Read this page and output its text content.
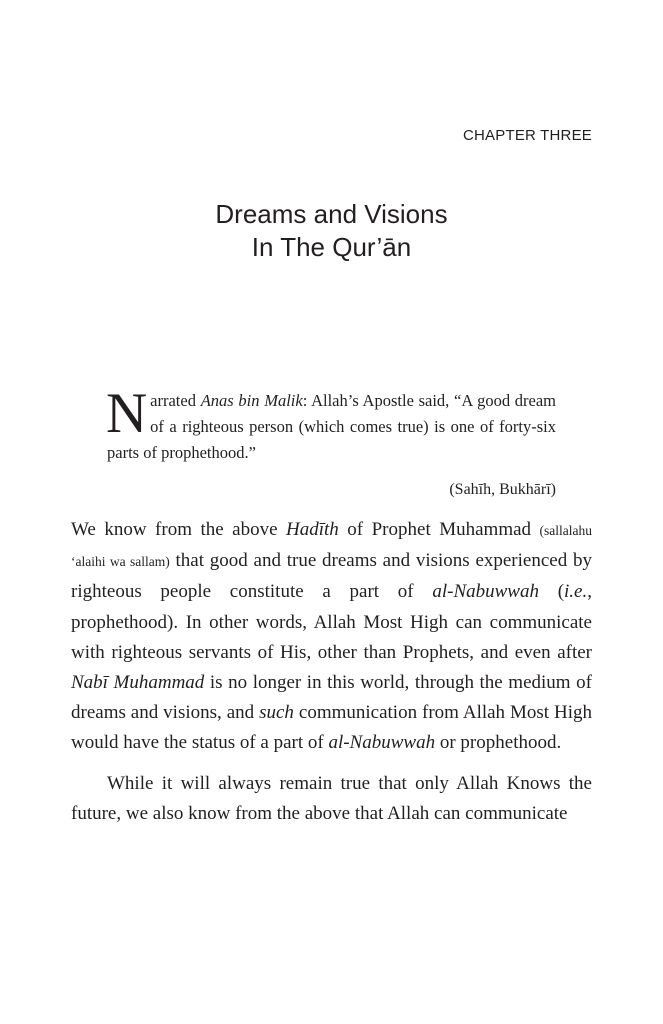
CHAPTER THREE
Dreams and Visions
In The Qur’ān
Narrated Anas bin Malik: Allah’s Apostle said, “A good dream of a righteous person (which comes true) is one of forty-six parts of prophethood.”
(Sahīh, Bukhārī)

We know from the above Hadīth of Prophet Muhammad (sallalahu ‘alaihi wa sallam) that good and true dreams and visions experienced by righteous people constitute a part of al-Nabuwwah (i.e., prophethood). In other words, Allah Most High can communicate with righteous servants of His, other than Prophets, and even after Nabī Muhammad is no longer in this world, through the medium of dreams and visions, and such communication from Allah Most High would have the status of a part of al-Nabuwwah or prophethood.

While it will always remain true that only Allah Knows the future, we also know from the above that Allah can communicate
